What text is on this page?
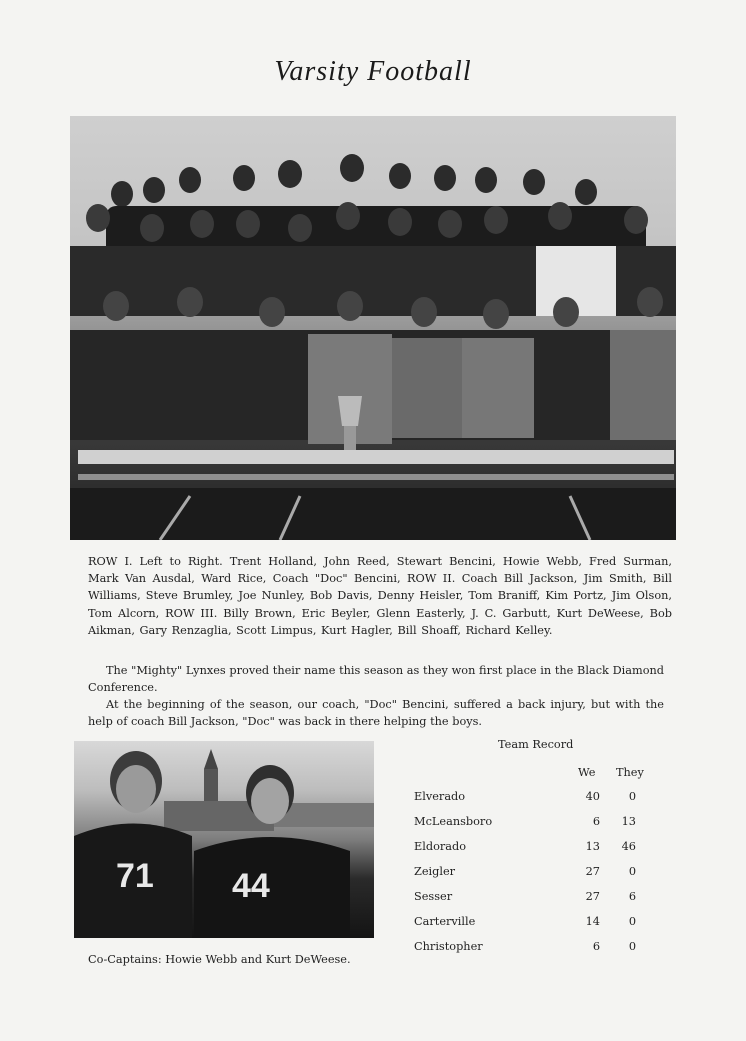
Varsity Football
ROW I. Left to Right. Trent Holland, John Reed, Stewart Bencini, Howie Webb, Fred Surman, Mark Van Ausdal, Ward Rice, Coach "Doc" Bencini, ROW II. Coach Bill Jackson, Jim Smith, Bill Williams, Steve Brumley, Joe Nunley, Bob Davis, Denny Heisler, Tom Braniff, Kim Portz, Jim Olson, Tom Alcorn, ROW III. Billy Brown, Eric Beyler, Glenn Easterly, J. C. Garbutt, Kurt DeWeese, Bob Aikman, Gary Renzaglia, Scott Limpus, Kurt Hagler, Bill Shoaff, Richard Kelley.
The "Mighty" Lynxes proved their name this season as they won first place in the Black Diamond Conference.
At the beginning of the season, our coach, "Doc" Bencini, suffered a back injury, but with the help of coach Bill Jackson, "Doc" was back in there helping the boys.
71 44
Co-Captains: Howie Webb and Kurt DeWeese.
Team Record
We They
Elverado	40	0
McLeansboro	6	13
Eldorado	13	46
Zeigler	27	0
Sesser	27	6
Carterville	14	0
Christopher	6	0
